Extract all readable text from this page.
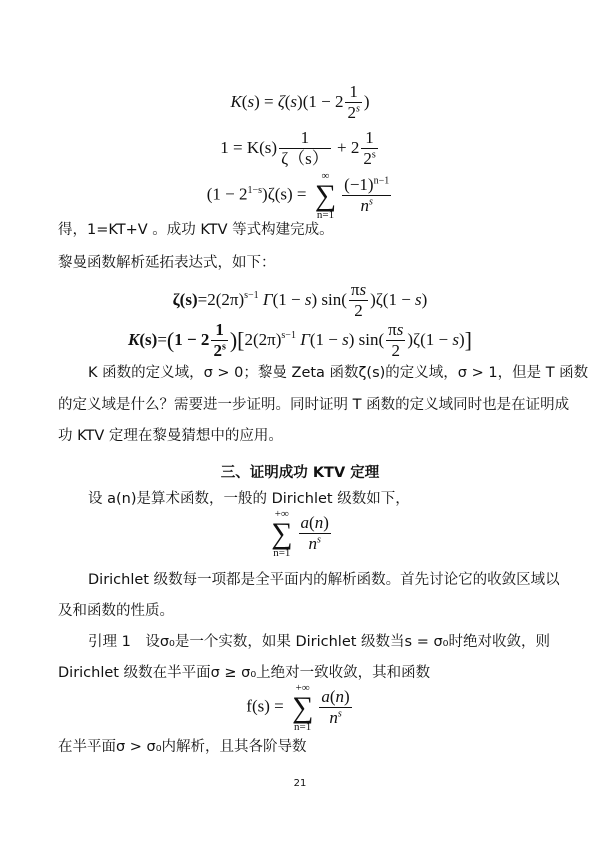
$K(s) = \zeta(s)(1 - 2 \frac{1}{2^s}$ )
$1 = K(s) \frac{1}{\zeta(s)} + 2 \frac{1}{2^s}$
$(1 - 2^{1-s})\zeta(s)$ =
∞
∑
$n=1 \frac{(-1)^{n-1}}{n^s}$
得，1=KT+V 。成功 KTV 等式构建完成。
黎曼函数解析延拓表达式，如下：
$\zeta(s)=2(2\pi)^{s-1}$ Γ(1 − s) $\sin( \frac{\pi s}{2} )\zeta(1 - s)$
$K(s)=(1 - 2 \frac{1}{2^s} )[2(2\pi)^{s-1}$ Γ(1 − s) $\sin( \frac{\pi s}{2} )\zeta(1 - s)$]
K 函数的定义域，σ > 0；黎曼 Zeta 函数ζ(s)的定义域，σ > 1，但是 T 函数
的定义域是什么？需要进一步证明。同时证明 T 函数的定义域同时也是在证明成
功 KTV 定理在黎曼猜想中的应用。
三、证明成功 KTV 定理
设 a(n)是算术函数，一般的 Dirichlet 级数如下，
+∞
∑
$n=1 \frac{a(n)}{n^s}$
Dirichlet 级数每一项都是全平面内的解析函数。首先讨论它的收敛区域以
及和函数的性质。
引理 1　设σ₀是一个实数，如果 Dirichlet 级数当s = σ₀时绝对收敛，则
Dirichlet 级数在半平面σ ≥ σ₀上绝对一致收敛，其和函数
f(s) =
+∞
∑
$n=1 \frac{a(n)}{n^s}$
在半平面σ > σ₀内解析，且其各阶导数
21
